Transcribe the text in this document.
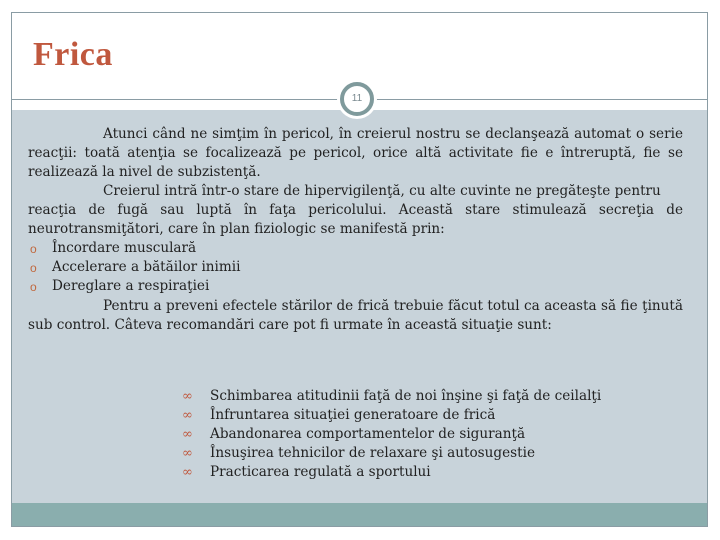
Frica
11
Atunci când ne simţim în pericol, în creierul nostru se declanşează automat o serie
reacţii: toată atenţia se focalizează pe pericol, orice altă activitate fie e întreruptă, fie se
realizează la nivel de subzistenţă.
Creierul intră într-o stare de hipervigilenţă, cu alte cuvinte ne pregăteşte pentru
reacţia de fugă sau luptă în faţa pericolului. Această stare stimulează secreţia de
neurotransmiţători, care în plan fiziologic se manifestă prin:
o Încordare musculară
o Accelerare a bătăilor inimii
o Dereglare a respiraţiei
Pentru a preveni efectele stărilor de frică trebuie făcut totul ca aceasta să fie ţinută
sub control. Câteva recomandări care pot fi urmate în această situaţie sunt:
∞ Schimbarea atitudinii faţă de noi înşine şi faţă de ceilalţi
∞ Înfruntarea situaţiei generatoare de frică
∞ Abandonarea comportamentelor de siguranţă
∞ Însuşirea tehnicilor de relaxare şi autosugestie
∞ Practicarea regulată a sportului
